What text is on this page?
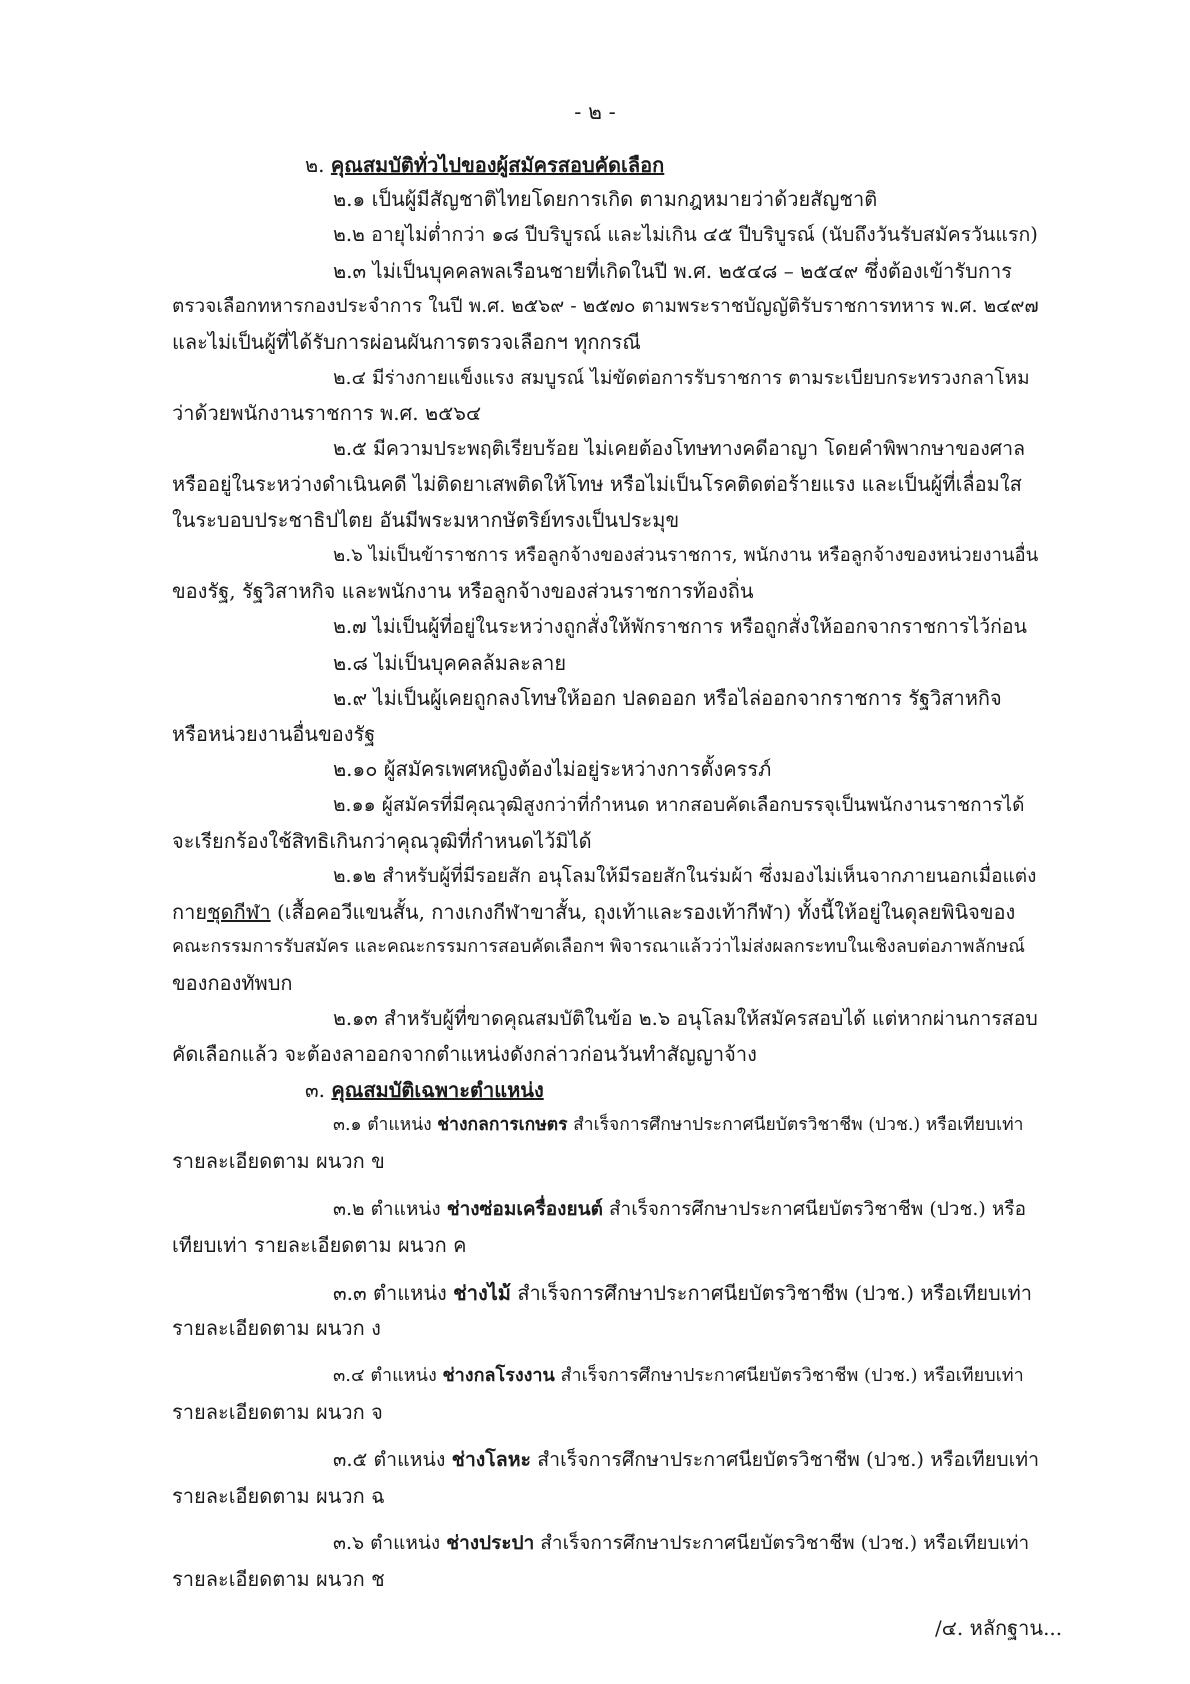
- ๒ -
๒. คุณสมบัติทั่วไปของผู้สมัครสอบคัดเลือก
๒.๑ เป็นผู้มีสัญชาติไทยโดยการเกิด ตามกฎหมายว่าด้วยสัญชาติ
๒.๒ อายุไม่ต่ำกว่า ๑๘ ปีบริบูรณ์ และไม่เกิน ๔๕ ปีบริบูรณ์ (นับถึงวันรับสมัครวันแรก)
๒.๓ ไม่เป็นบุคคลพลเรือนชายที่เกิดในปี พ.ศ. ๒๕๔๘ – ๒๕๔๙ ซึ่งต้องเข้ารับการ
ตรวจเลือกทหารกองประจำการ ในปี พ.ศ. ๒๕๖๙ - ๒๕๗๐ ตามพระราชบัญญัติรับราชการทหาร พ.ศ. ๒๔๙๗
และไม่เป็นผู้ที่ได้รับการผ่อนผันการตรวจเลือกฯ ทุกกรณี
๒.๔ มีร่างกายแข็งแรง สมบูรณ์ ไม่ขัดต่อการรับราชการ ตามระเบียบกระทรวงกลาโหม
ว่าด้วยพนักงานราชการ พ.ศ. ๒๕๖๔
๒.๕ มีความประพฤติเรียบร้อย ไม่เคยต้องโทษทางคดีอาญา โดยคำพิพากษาของศาล
หรืออยู่ในระหว่างดำเนินคดี ไม่ติดยาเสพติดให้โทษ หรือไม่เป็นโรคติดต่อร้ายแรง และเป็นผู้ที่เลื่อมใส
ในระบอบประชาธิปไตย อันมีพระมหากษัตริย์ทรงเป็นประมุข
๒.๖ ไม่เป็นข้าราชการ หรือลูกจ้างของส่วนราชการ, พนักงาน หรือลูกจ้างของหน่วยงานอื่น
ของรัฐ, รัฐวิสาหกิจ และพนักงาน หรือลูกจ้างของส่วนราชการท้องถิ่น
๒.๗ ไม่เป็นผู้ที่อยู่ในระหว่างถูกสั่งให้พักราชการ หรือถูกสั่งให้ออกจากราชการไว้ก่อน
๒.๘ ไม่เป็นบุคคลล้มละลาย
๒.๙ ไม่เป็นผู้เคยถูกลงโทษให้ออก ปลดออก หรือไล่ออกจากราชการ รัฐวิสาหกิจ
หรือหน่วยงานอื่นของรัฐ
๒.๑๐ ผู้สมัครเพศหญิงต้องไม่อยู่ระหว่างการตั้งครรภ์
๒.๑๑ ผู้สมัครที่มีคุณวุฒิสูงกว่าที่กำหนด หากสอบคัดเลือกบรรจุเป็นพนักงานราชการได้
จะเรียกร้องใช้สิทธิเกินกว่าคุณวุฒิที่กำหนดไว้มิได้
๒.๑๒ สำหรับผู้ที่มีรอยสัก อนุโลมให้มีรอยสักในร่มผ้า ซึ่งมองไม่เห็นจากภายนอกเมื่อแต่ง
กายชุดกีฬา (เสื้อคอวีแขนสั้น, กางเกงกีฬาขาสั้น, ถุงเท้าและรองเท้ากีฬา) ทั้งนี้ให้อยู่ในดุลยพินิจของ
คณะกรรมการรับสมัคร และคณะกรรมการสอบคัดเลือกฯ พิจารณาแล้วว่าไม่ส่งผลกระทบในเชิงลบต่อภาพลักษณ์
ของกองทัพบก
๒.๑๓ สำหรับผู้ที่ขาดคุณสมบัติในข้อ ๒.๖ อนุโลมให้สมัครสอบได้ แต่หากผ่านการสอบ
คัดเลือกแล้ว จะต้องลาออกจากตำแหน่งดังกล่าวก่อนวันทำสัญญาจ้าง
๓. คุณสมบัติเฉพาะตำแหน่ง
๓.๑ ตำแหน่ง ช่างกลการเกษตร สำเร็จการศึกษาประกาศนียบัตรวิชาชีพ (ปวช.) หรือเทียบเท่า
รายละเอียดตาม ผนวก ข
๓.๒ ตำแหน่ง ช่างซ่อมเครื่องยนต์ สำเร็จการศึกษาประกาศนียบัตรวิชาชีพ (ปวช.) หรือ
เทียบเท่า รายละเอียดตาม ผนวก ค
๓.๓ ตำแหน่ง ช่างไม้ สำเร็จการศึกษาประกาศนียบัตรวิชาชีพ (ปวช.) หรือเทียบเท่า
รายละเอียดตาม ผนวก ง
๓.๔ ตำแหน่ง ช่างกลโรงงาน สำเร็จการศึกษาประกาศนียบัตรวิชาชีพ (ปวช.) หรือเทียบเท่า
รายละเอียดตาม ผนวก จ
๓.๕ ตำแหน่ง ช่างโลหะ สำเร็จการศึกษาประกาศนียบัตรวิชาชีพ (ปวช.) หรือเทียบเท่า
รายละเอียดตาม ผนวก ฉ
๓.๖ ตำแหน่ง ช่างประปา สำเร็จการศึกษาประกาศนียบัตรวิชาชีพ (ปวช.) หรือเทียบเท่า
รายละเอียดตาม ผนวก ช
/๔. หลักฐาน...
